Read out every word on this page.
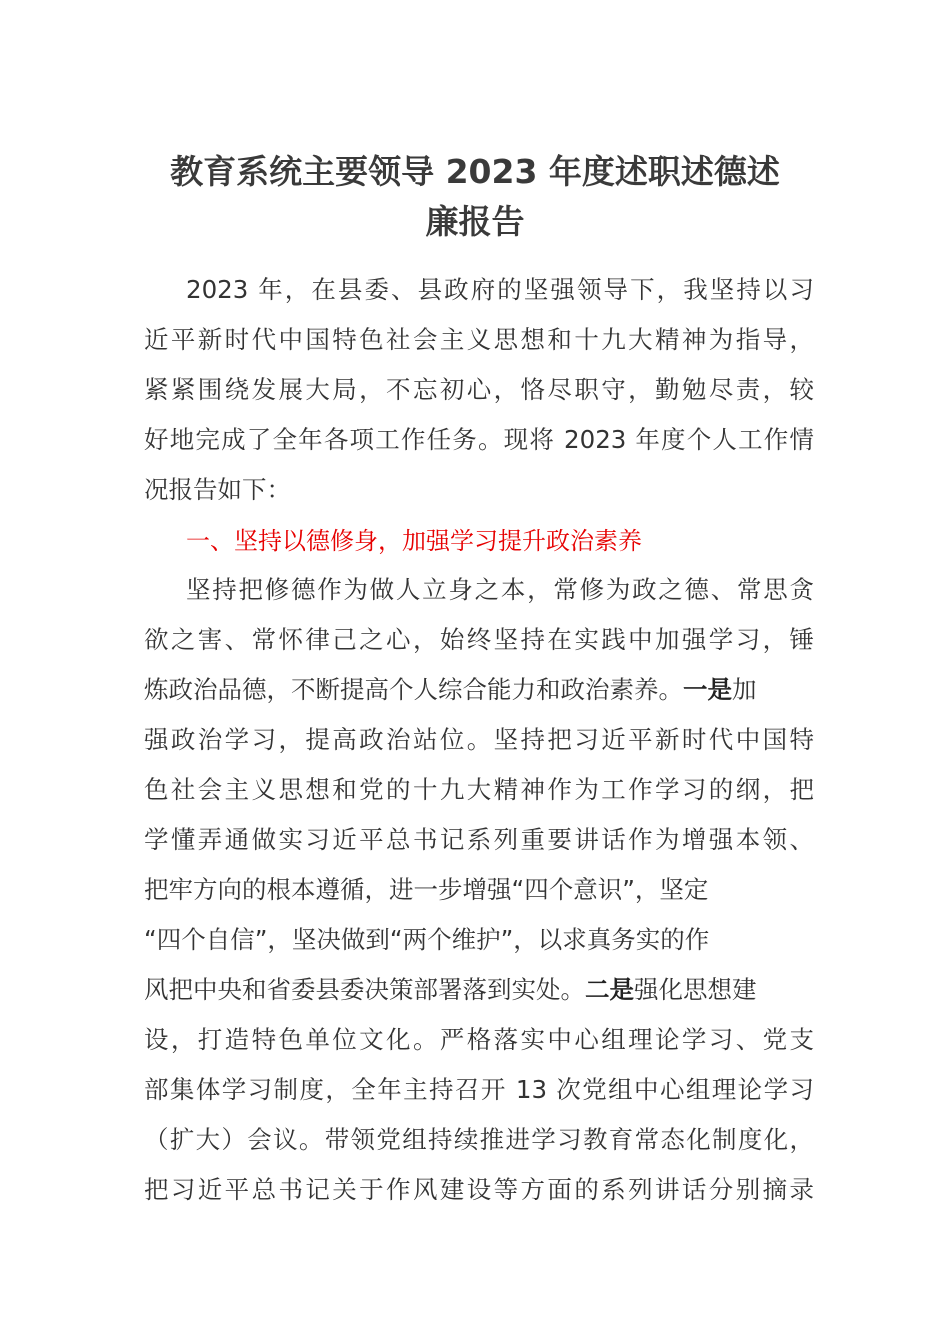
教育系统主要领导 2023 年度述职述德述
廉报告
2023 年，在县委、县政府的坚强领导下，我坚持以习
近平新时代中国特色社会主义思想和十九大精神为指导，
紧紧围绕发展大局，不忘初心，恪尽职守，勤勉尽责，较
好地完成了全年各项工作任务。现将 2023 年度个人工作情
况报告如下：
一、坚持以德修身，加强学习提升政治素养
坚持把修德作为做人立身之本，常修为政之德、常思贪
欲之害、常怀律己之心，始终坚持在实践中加强学习，锤
炼政治品德，不断提高个人综合能力和政治素养。一是加
强政治学习，提高政治站位。坚持把习近平新时代中国特
色社会主义思想和党的十九大精神作为工作学习的纲，把
学懂弄通做实习近平总书记系列重要讲话作为增强本领、
把牢方向的根本遵循，进一步增强“四个意识”，坚定
“四个自信”，坚决做到“两个维护”，以求真务实的作
风把中央和省委县委决策部署落到实处。二是强化思想建
设，打造特色单位文化。严格落实中心组理论学习、党支
部集体学习制度，全年主持召开 13 次党组中心组理论学习
（扩大）会议。带领党组持续推进学习教育常态化制度化，
把习近平总书记关于作风建设等方面的系列讲话分别摘录
